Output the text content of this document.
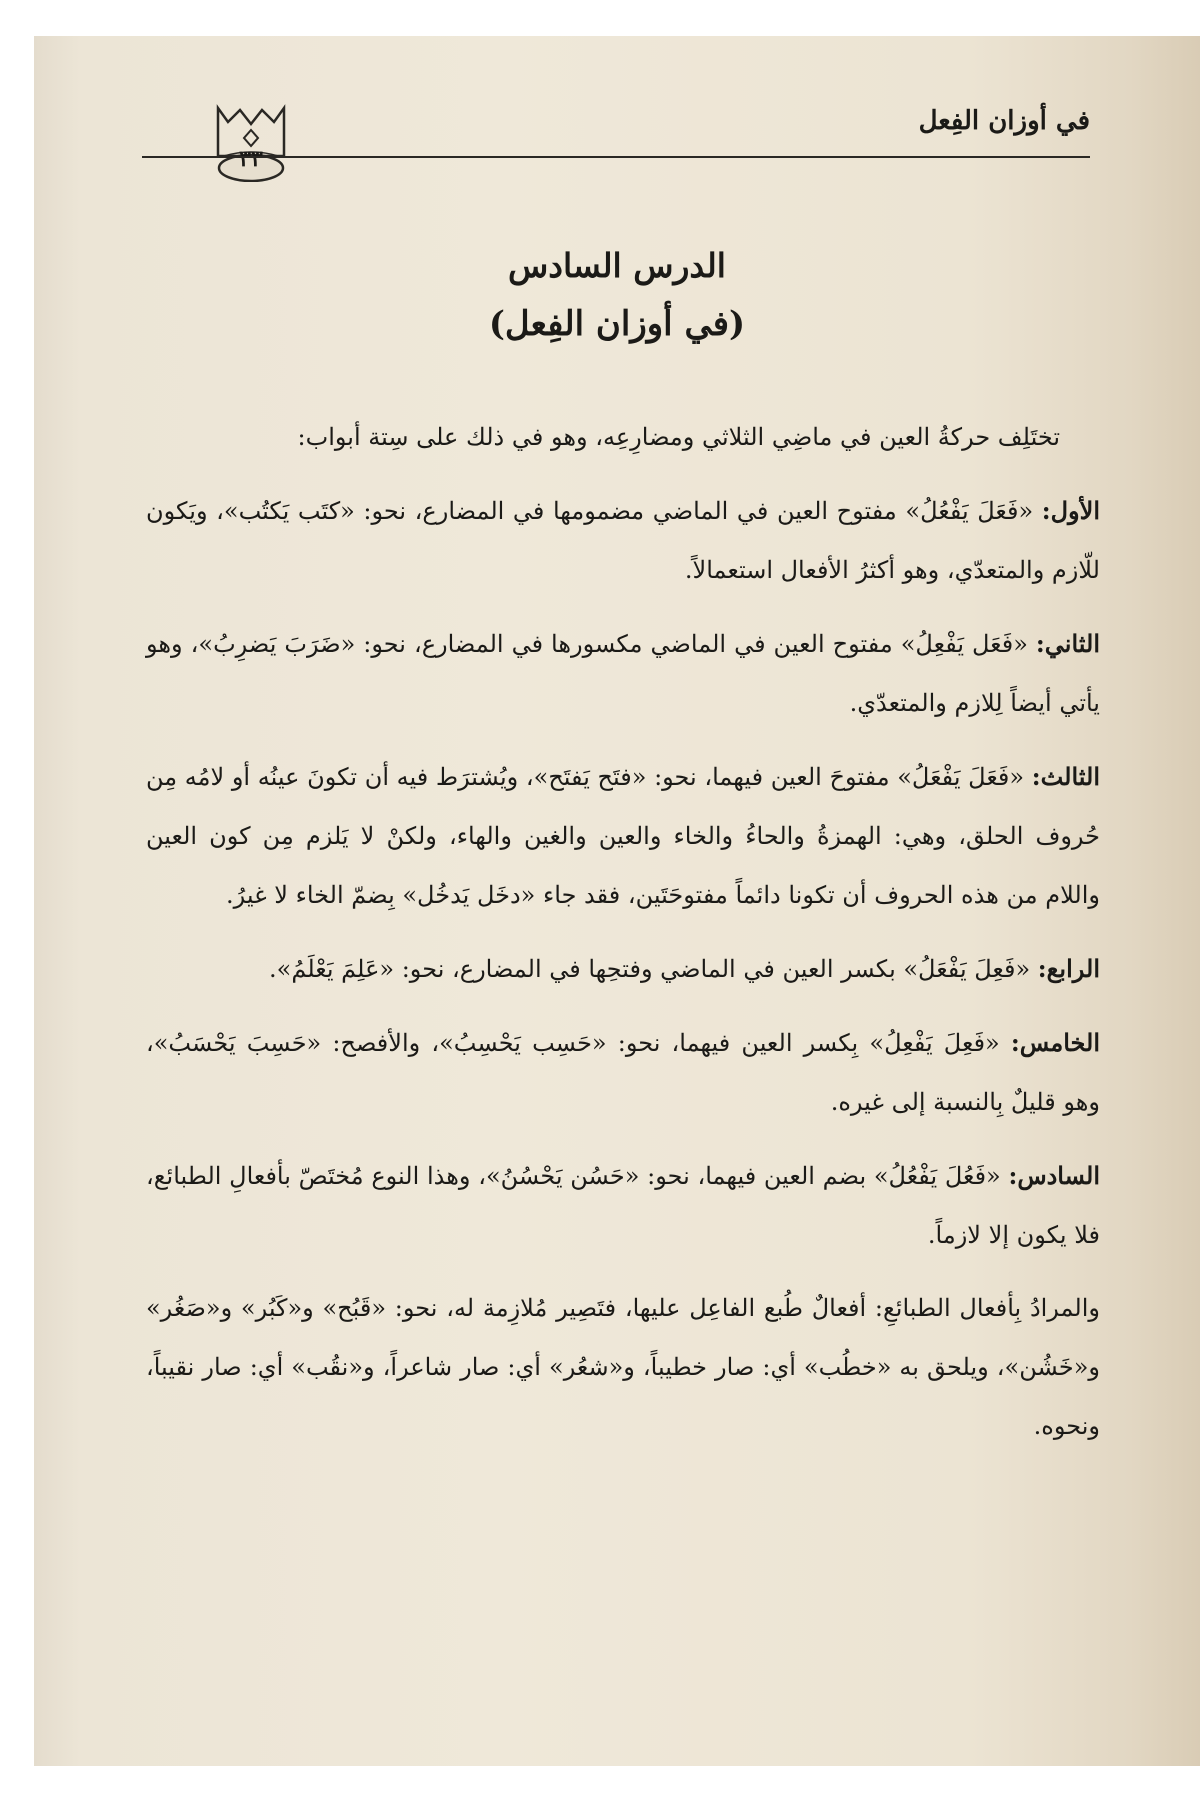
في أوزان الفِعل
٣٣
الدرس السادس
(في أوزان الفِعل)

تختَلِف حركةُ العين في ماضِي الثلاثي ومضارِعِه، وهو في ذلك على سِتة أبواب:

الأول: «فَعَلَ يَفْعُلُ» مفتوح العين في الماضي مضمومها في المضارع، نحو: «كتَب يَكتُب»، ويَكون للّازم والمتعدّي، وهو أكثرُ الأفعال استعمالاً.

الثاني: «فَعَل يَفْعِلُ» مفتوح العين في الماضي مكسورها في المضارع، نحو: «ضَرَبَ يَضرِبُ»، وهو يأتي أيضاً لِلازم والمتعدّي.

الثالث: «فَعَلَ يَفْعَلُ» مفتوحَ العين فيهما، نحو: «فتَح يَفتَح»، ويُشترَط فيه أن تكونَ عينُه أو لامُه مِن حُروف الحلق، وهي: الهمزةُ والحاءُ والخاء والعين والغين والهاء، ولكنْ لا يَلزم مِن كون العين واللام من هذه الحروف أن تكونا دائماً مفتوحَتَين، فقد جاء «دخَل يَدخُل» بِضمّ الخاء لا غيرُ.

الرابع: «فَعِلَ يَفْعَلُ» بكسر العين في الماضي وفتحِها في المضارع، نحو: «عَلِمَ يَعْلَمُ».

الخامس: «فَعِلَ يَفْعِلُ» بِكسر العين فيهما، نحو: «حَسِب يَحْسِبُ»، والأفصح: «حَسِبَ يَحْسَبُ»، وهو قليلٌ بِالنسبة إلى غيره.

السادس: «فَعُلَ يَفْعُلُ» بضم العين فيهما، نحو: «حَسُن يَحْسُنُ»، وهذا النوع مُختَصّ بأفعالِ الطبائع، فلا يكون إلا لازماً.

والمرادُ بِأفعال الطبائعِ: أفعالٌ طُبع الفاعِل عليها، فتَصِير مُلازِمة له، نحو: «قَبُح» و«كَبُر» و«صَغُر» و«خَشُن»، ويلحق به «خطُب» أي: صار خطيباً، و«شعُر» أي: صار شاعراً، و«نقُب» أي: صار نقيباً، ونحوه.
